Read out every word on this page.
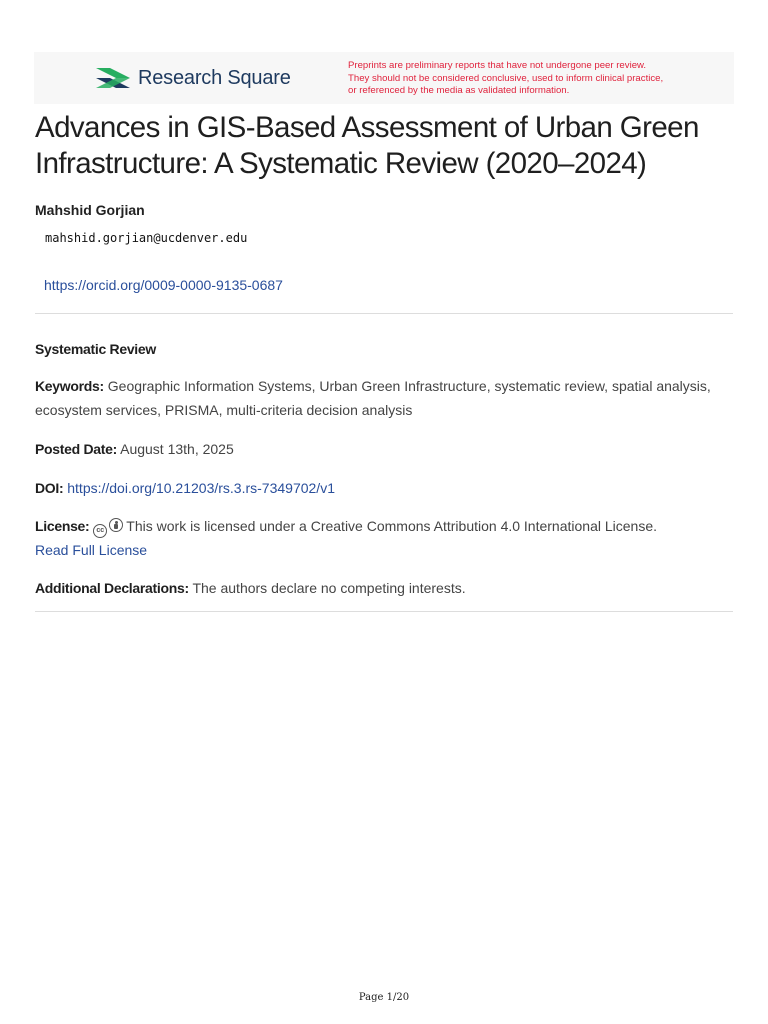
Research Square
Preprints are preliminary reports that have not undergone peer review.
They should not be considered conclusive, used to inform clinical practice,
or referenced by the media as validated information.
Advances in GIS-Based Assessment of Urban Green Infrastructure: A Systematic Review (2020–2024)
Mahshid Gorjian
mahshid.gorjian@ucdenver.edu
https://orcid.org/0009-0000-9135-0687
Systematic Review
Keywords: Geographic Information Systems, Urban Green Infrastructure, systematic review, spatial analysis, ecosystem services, PRISMA, multi-criteria decision analysis
Posted Date: August 13th, 2025
DOI: https://doi.org/10.21203/rs.3.rs-7349702/v1
License: cc This work is licensed under a Creative Commons Attribution 4.0 International License.
Read Full License
Additional Declarations: The authors declare no competing interests.
Page 1/20
